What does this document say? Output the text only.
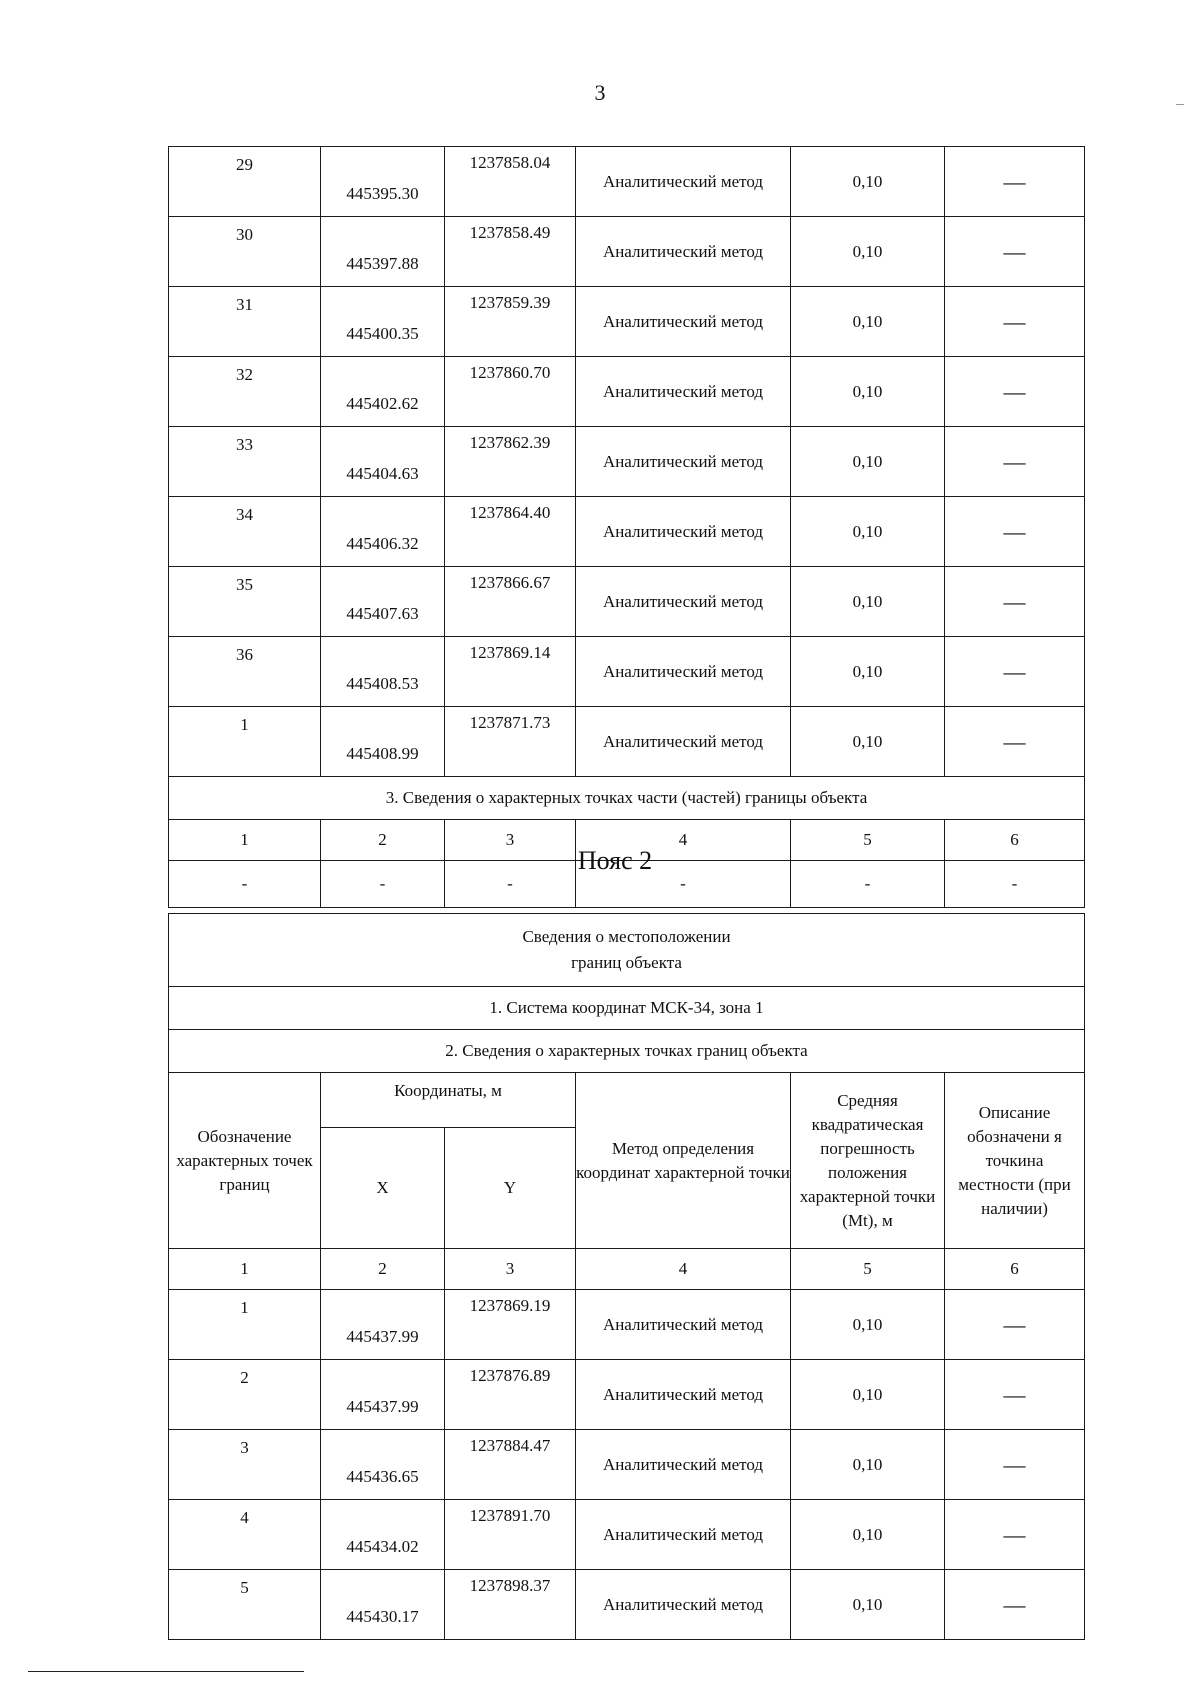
3
29	445395.30	1237858.04	Аналитический метод	0,10	—
30	445397.88	1237858.49	Аналитический метод	0,10	—
31	445400.35	1237859.39	Аналитический метод	0,10	—
32	445402.62	1237860.70	Аналитический метод	0,10	—
33	445404.63	1237862.39	Аналитический метод	0,10	—
34	445406.32	1237864.40	Аналитический метод	0,10	—
35	445407.63	1237866.67	Аналитический метод	0,10	—
36	445408.53	1237869.14	Аналитический метод	0,10	—
1	445408.99	1237871.73	Аналитический метод	0,10	—
3. Сведения о характерных точках части (частей) границы объекта					
1	2	3	4	5	6
-	-	-	-	-	-
Пояс 2
Сведения о местоположении
границ объекта					

1. Система координат МСК-34, зона 1					
2. Сведения о характерных точках границ объекта					
Обозначение характерных точек границ	Координаты, м		Метод определения координат характерной точки	Средняя квадратическая погрешность положения характерной точки (Mt), м	Описание обозначени я точкина местности (при наличии)
	X	Y			
1	2	3	4	5	6
1	445437.99	1237869.19	Аналитический метод	0,10	—
2	445437.99	1237876.89	Аналитический метод	0,10	—
3	445436.65	1237884.47	Аналитический метод	0,10	—
4	445434.02	1237891.70	Аналитический метод	0,10	—
5	445430.17	1237898.37	Аналитический метод	0,10	—
